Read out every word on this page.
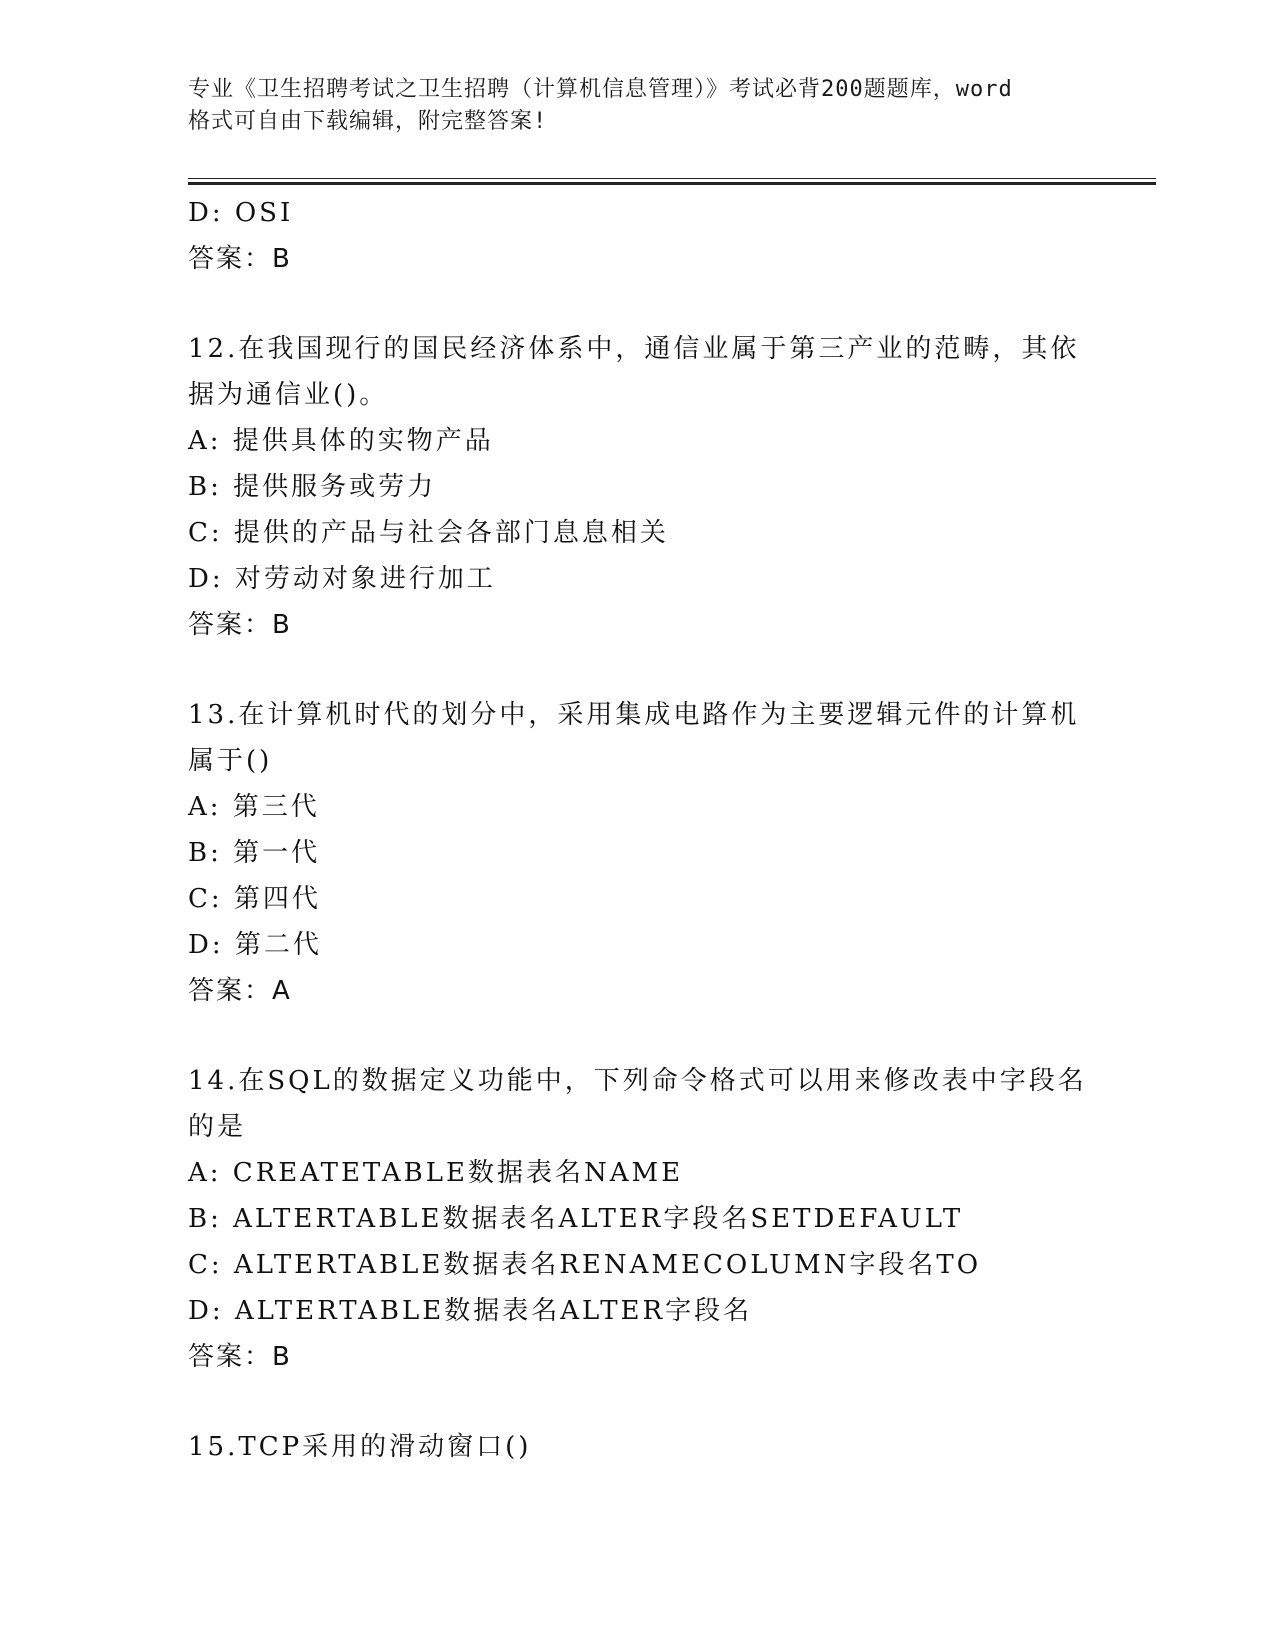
专业《卫生招聘考试之卫生招聘（计算机信息管理）》考试必背200题题库，word
格式可自由下载编辑，附完整答案!

D: OSI

答案：B

12.在我国现行的国民经济体系中，通信业属于第三产业的范畴，其依

据为通信业()。

A: 提供具体的实物产品

B: 提供服务或劳力

C: 提供的产品与社会各部门息息相关

D: 对劳动对象进行加工

答案：B

13.在计算机时代的划分中，采用集成电路作为主要逻辑元件的计算机

属于()

A: 第三代

B: 第一代

C: 第四代

D: 第二代

答案：A

14.在SQL的数据定义功能中，下列命令格式可以用来修改表中字段名

的是

A: CREATETABLE数据表名NAME

B: ALTERTABLE数据表名ALTER字段名SETDEFAULT

C: ALTERTABLE数据表名RENAMECOLUMN字段名TO

D: ALTERTABLE数据表名ALTER字段名

答案：B

15.TCP采用的滑动窗口()
